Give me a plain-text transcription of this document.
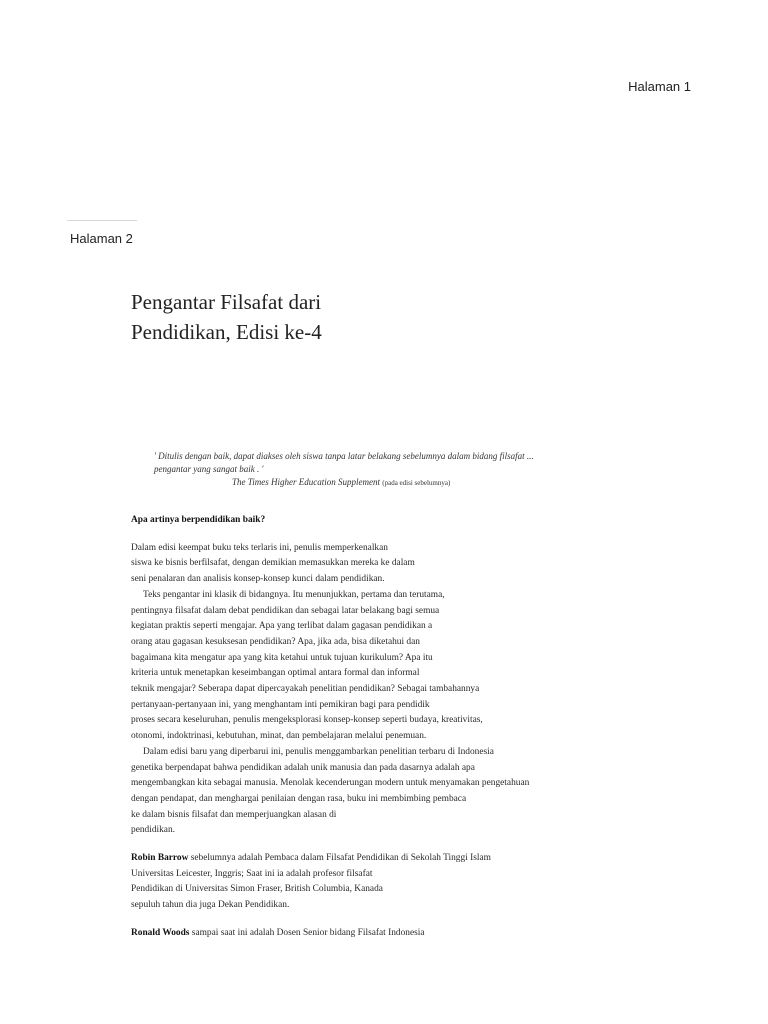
Halaman 1
Halaman 2
Pengantar Filsafat dari
Pendidikan, Edisi ke-4
' Ditulis dengan baik, dapat diakses oleh siswa tanpa latar belakang sebelumnya dalam bidang filsafat ...
pengantar yang sangat baik . '
The Times Higher Education Supplement (pada edisi sebelumnya)
Apa artinya berpendidikan baik?
Dalam edisi keempat buku teks terlaris ini, penulis memperkenalkan
siswa ke bisnis berfilsafat, dengan demikian memasukkan mereka ke dalam
seni penalaran dan analisis konsep-konsep kunci dalam pendidikan.
Teks pengantar ini klasik di bidangnya. Itu menunjukkan, pertama dan terutama,
pentingnya filsafat dalam debat pendidikan dan sebagai latar belakang bagi semua
kegiatan praktis seperti mengajar. Apa yang terlibat dalam gagasan pendidikan a
orang atau gagasan kesuksesan pendidikan? Apa, jika ada, bisa diketahui dan
bagaimana kita mengatur apa yang kita ketahui untuk tujuan kurikulum? Apa itu
kriteria untuk menetapkan keseimbangan optimal antara formal dan informal
teknik mengajar? Seberapa dapat dipercayakah penelitian pendidikan? Sebagai tambahannya
pertanyaan-pertanyaan ini, yang menghantam inti pemikiran bagi para pendidik
proses secara keseluruhan, penulis mengeksplorasi konsep-konsep seperti budaya, kreativitas,
otonomi, indoktrinasi, kebutuhan, minat, dan pembelajaran melalui penemuan.
Dalam edisi baru yang diperbarui ini, penulis menggambarkan penelitian terbaru di Indonesia
genetika berpendapat bahwa pendidikan adalah unik manusia dan pada dasarnya adalah apa
mengembangkan kita sebagai manusia. Menolak kecenderungan modern untuk menyamakan pengetahuan
dengan pendapat, dan menghargai penilaian dengan rasa, buku ini membimbing pembaca
ke dalam bisnis filsafat dan memperjuangkan alasan di
pendidikan.
Robin Barrow sebelumnya adalah Pembaca dalam Filsafat Pendidikan di Sekolah Tinggi Islam
Universitas Leicester, Inggris; Saat ini ia adalah profesor filsafat
Pendidikan di Universitas Simon Fraser, British Columbia, Kanada
sepuluh tahun dia juga Dekan Pendidikan.
Ronald Woods sampai saat ini adalah Dosen Senior bidang Filsafat Indonesia
